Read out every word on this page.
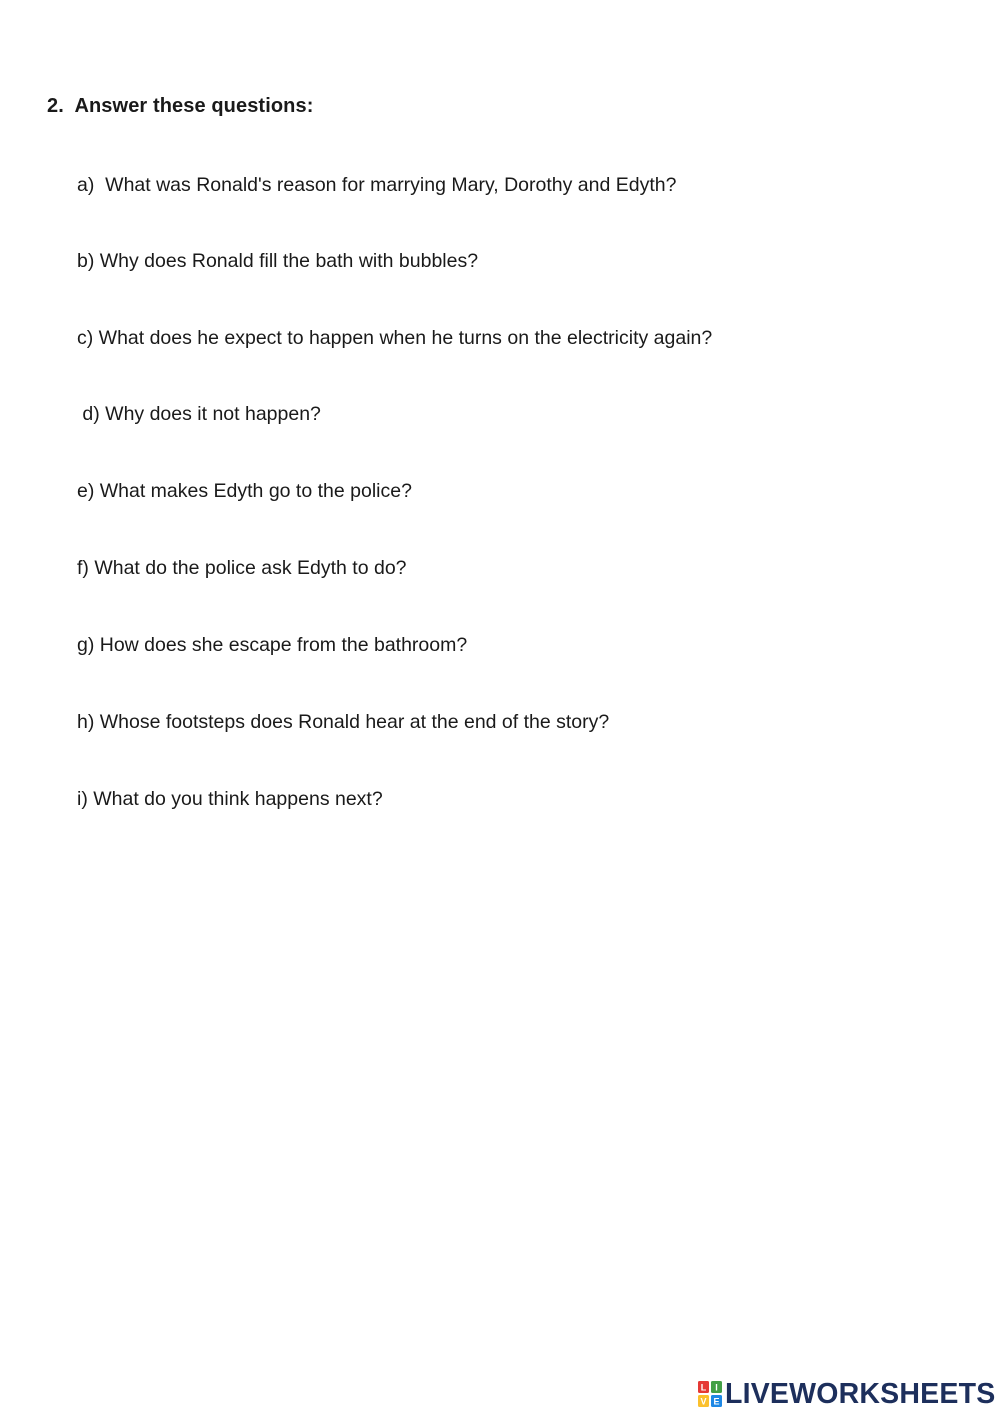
2.  Answer these questions:
a)  What was Ronald's reason for marrying Mary, Dorothy and Edyth?
b) Why does Ronald fill the bath with bubbles?
c) What does he expect to happen when he turns on the electricity again?
d) Why does it not happen?
e) What makes Edyth go to the police?
f) What do the police ask Edyth to do?
g) How does she escape from the bathroom?
h) Whose footsteps does Ronald hear at the end of the story?
i) What do you think happens next?
L I
V E LIVEWORKSHEETS
